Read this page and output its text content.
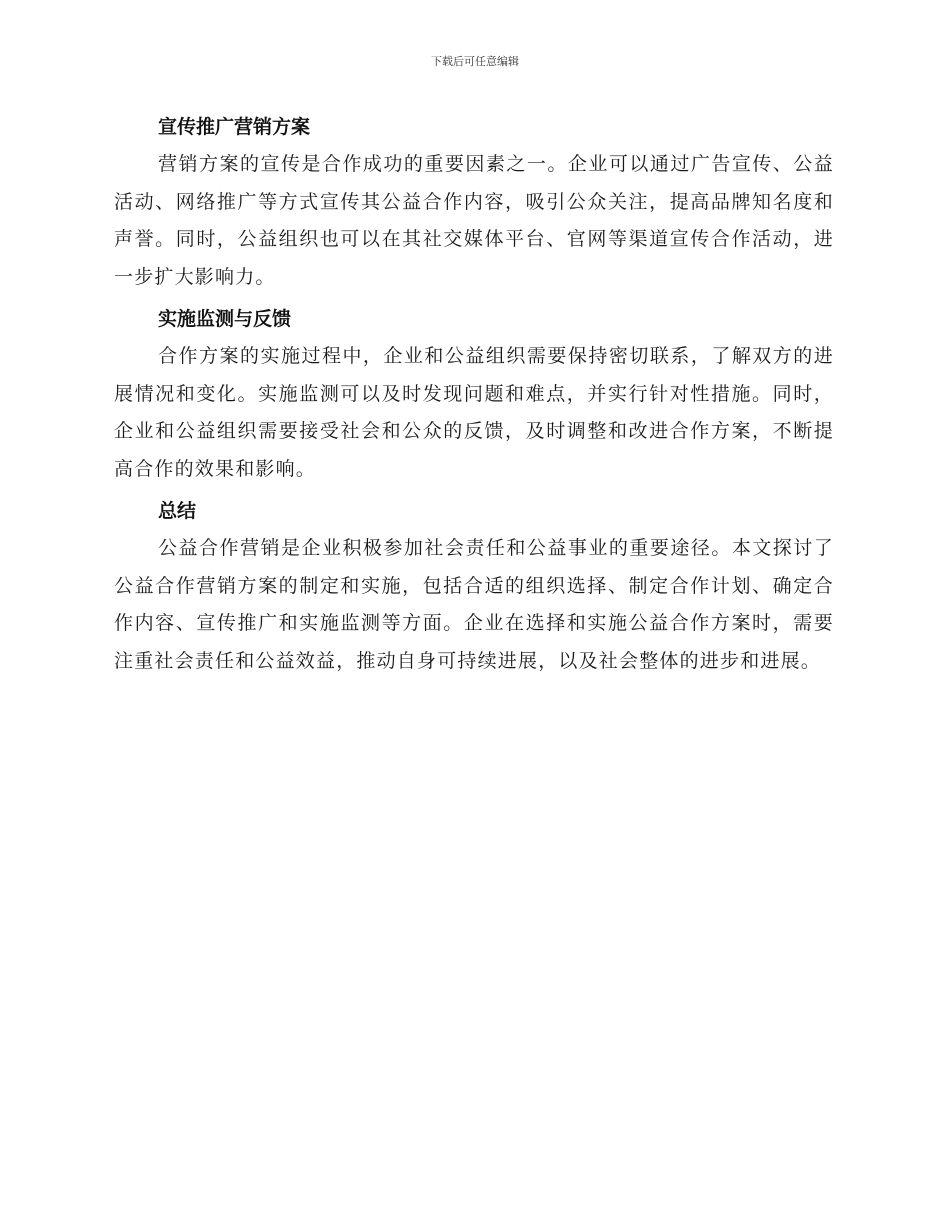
下载后可任意编辑
宣传推广营销方案

营销方案的宣传是合作成功的重要因素之一。企业可以通过广告宣传、公益活动、网络推广等方式宣传其公益合作内容，吸引公众关注，提高品牌知名度和声誉。同时，公益组织也可以在其社交媒体平台、官网等渠道宣传合作活动，进一步扩大影响力。

实施监测与反馈

合作方案的实施过程中，企业和公益组织需要保持密切联系，了解双方的进展情况和变化。实施监测可以及时发现问题和难点，并实行针对性措施。同时，企业和公益组织需要接受社会和公众的反馈，及时调整和改进合作方案，不断提高合作的效果和影响。

总结

公益合作营销是企业积极参加社会责任和公益事业的重要途径。本文探讨了公益合作营销方案的制定和实施，包括合适的组织选择、制定合作计划、确定合作内容、宣传推广和实施监测等方面。企业在选择和实施公益合作方案时，需要注重社会责任和公益效益，推动自身可持续进展，以及社会整体的进步和进展。
